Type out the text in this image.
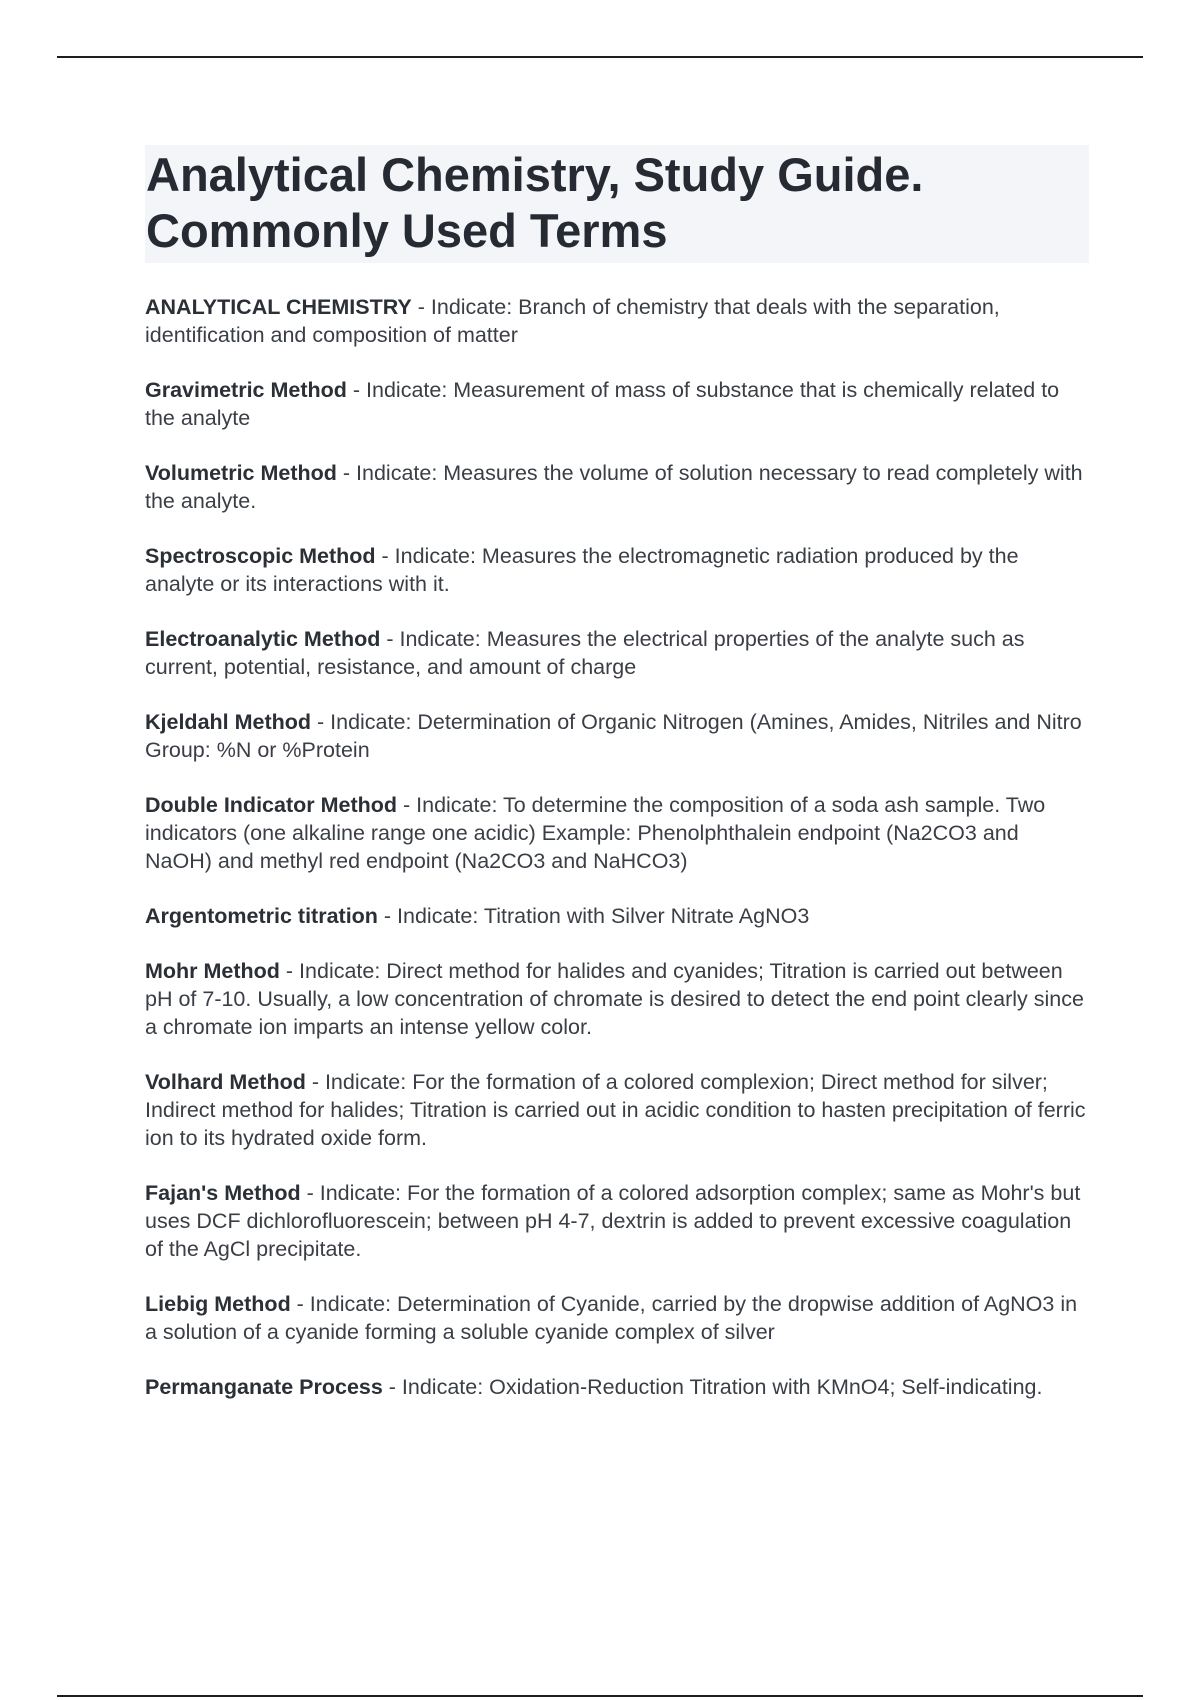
Analytical Chemistry, Study Guide. Commonly Used Terms

ANALYTICAL CHEMISTRY - Indicate: Branch of chemistry that deals with the separation, identification and composition of matter

Gravimetric Method - Indicate: Measurement of mass of substance that is chemically related to the analyte

Volumetric Method - Indicate: Measures the volume of solution necessary to read completely with the analyte.

Spectroscopic Method - Indicate: Measures the electromagnetic radiation produced by the analyte or its interactions with it.

Electroanalytic Method - Indicate: Measures the electrical properties of the analyte such as current, potential, resistance, and amount of charge

Kjeldahl Method - Indicate: Determination of Organic Nitrogen (Amines, Amides, Nitriles and Nitro Group: %N or %Protein

Double Indicator Method - Indicate: To determine the composition of a soda ash sample. Two indicators (one alkaline range one acidic) Example: Phenolphthalein endpoint (Na2CO3 and NaOH) and methyl red endpoint (Na2CO3 and NaHCO3)

Argentometric titration - Indicate: Titration with Silver Nitrate AgNO3

Mohr Method - Indicate: Direct method for halides and cyanides; Titration is carried out between pH of 7-10. Usually, a low concentration of chromate is desired to detect the end point clearly since a chromate ion imparts an intense yellow color.

Volhard Method - Indicate: For the formation of a colored complexion; Direct method for silver; Indirect method for halides; Titration is carried out in acidic condition to hasten precipitation of ferric ion to its hydrated oxide form.

Fajan's Method - Indicate: For the formation of a colored adsorption complex; same as Mohr's but uses DCF dichlorofluorescein; between pH 4-7, dextrin is added to prevent excessive coagulation of the AgCl precipitate.

Liebig Method - Indicate: Determination of Cyanide, carried by the dropwise addition of AgNO3 in a solution of a cyanide forming a soluble cyanide complex of silver

Permanganate Process - Indicate: Oxidation-Reduction Titration with KMnO4; Self-indicating.
